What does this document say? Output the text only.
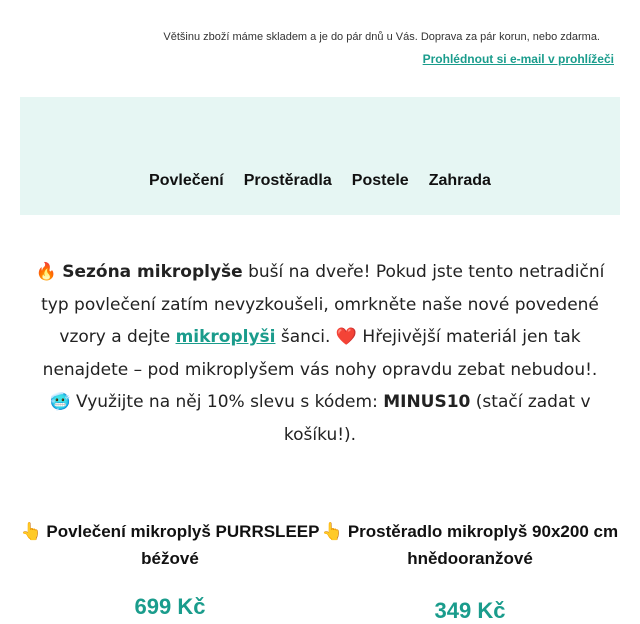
Většinu zboží máme skladem a je do pár dnů u Vás. Doprava za pár korun, nebo zdarma.
Prohlédnout si e-mail v prohlížeči
Povlečení Prostěradla Postele Zahrada
🔥 Sezóna mikroplyše buší na dveře! Pokud jste tento netradiční typ povlečení zatím nevyzkoušeli, omrkněte naše nové povedené vzory a dejte mikroplyši šanci. ❤️ Hřejivější materiál jen tak nenajdete – pod mikroplyšem vás nohy opravdu zebat nebudou!. 🥶 Využijte na něj 10% slevu s kódem: MINUS10 (stačí zadat v košíku!).
👆 Povlečení mikroplyš PURRSLEEP béžové
699 Kč
👆 Prostěradlo mikroplyš 90x200 cm hnědooranžové
349 Kč
